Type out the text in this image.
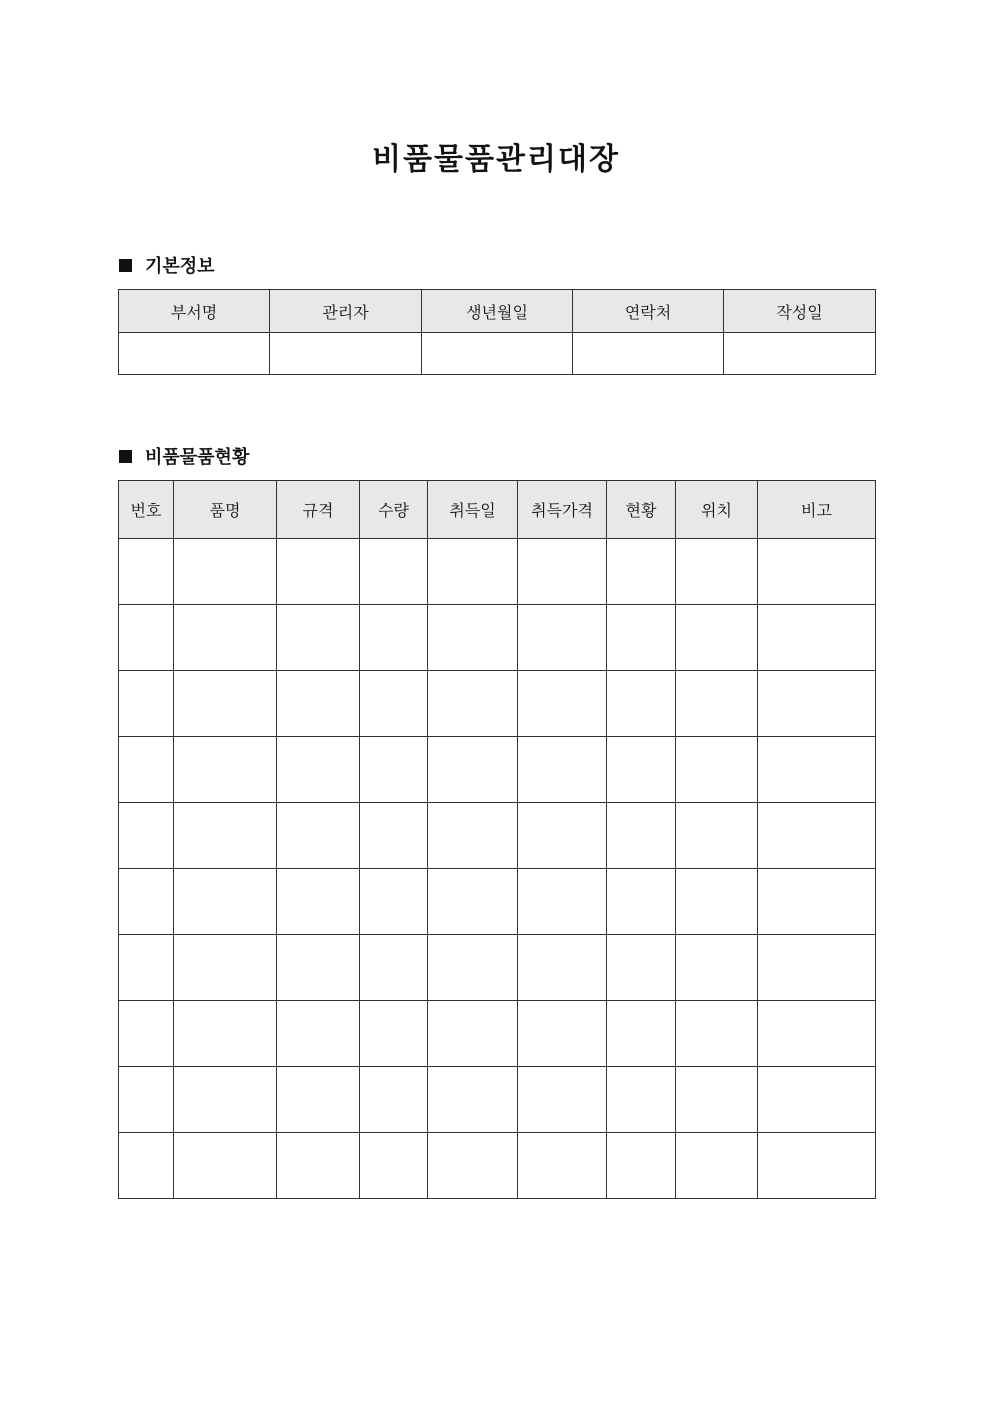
비품물품관리대장
기본정보
부서명	관리자	생년월일	연락처	작성일

비품물품현황
번호	품명	규격	수량	취득일	취득가격	현황	위치	비고
